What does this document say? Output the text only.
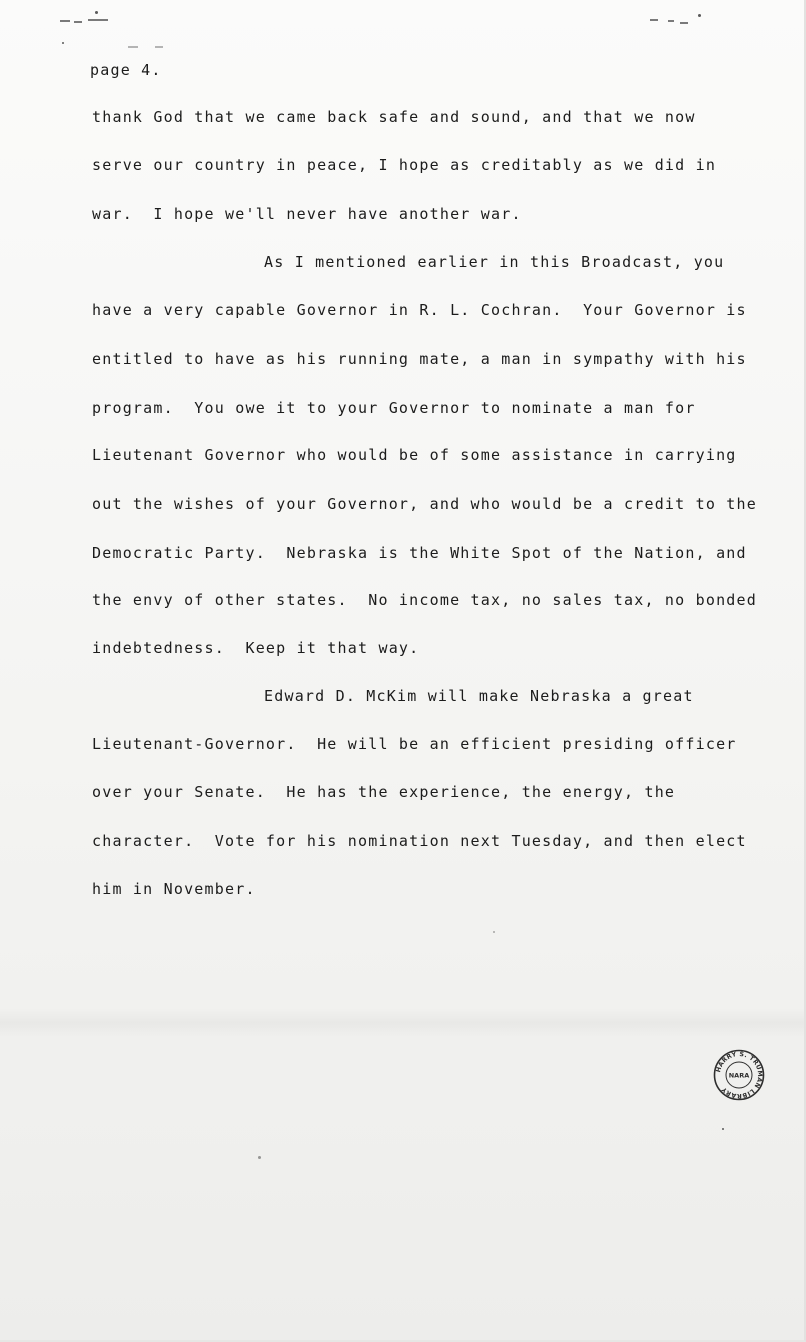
page 4.

thank God that we came back safe and sound, and that we now

serve our country in peace, I hope as creditably as we did in

war.  I hope we'll never have another war.

As I mentioned earlier in this Broadcast, you

have a very capable Governor in R. L. Cochran.  Your Governor is

entitled to have as his running mate, a man in sympathy with his

program.  You owe it to your Governor to nominate a man for

Lieutenant Governor who would be of some assistance in carrying

out the wishes of your Governor, and who would be a credit to the

Democratic Party.  Nebraska is the White Spot of the Nation, and

the envy of other states.  No income tax, no sales tax, no bonded

indebtedness.  Keep it that way.

Edward D. McKim will make Nebraska a great

Lieutenant-Governor.  He will be an efficient presiding officer

over your Senate.  He has the experience, the energy, the

character.  Vote for his nomination next Tuesday, and then elect

him in November.

HARRY S. TRUMAN LIBRARY
NARA
